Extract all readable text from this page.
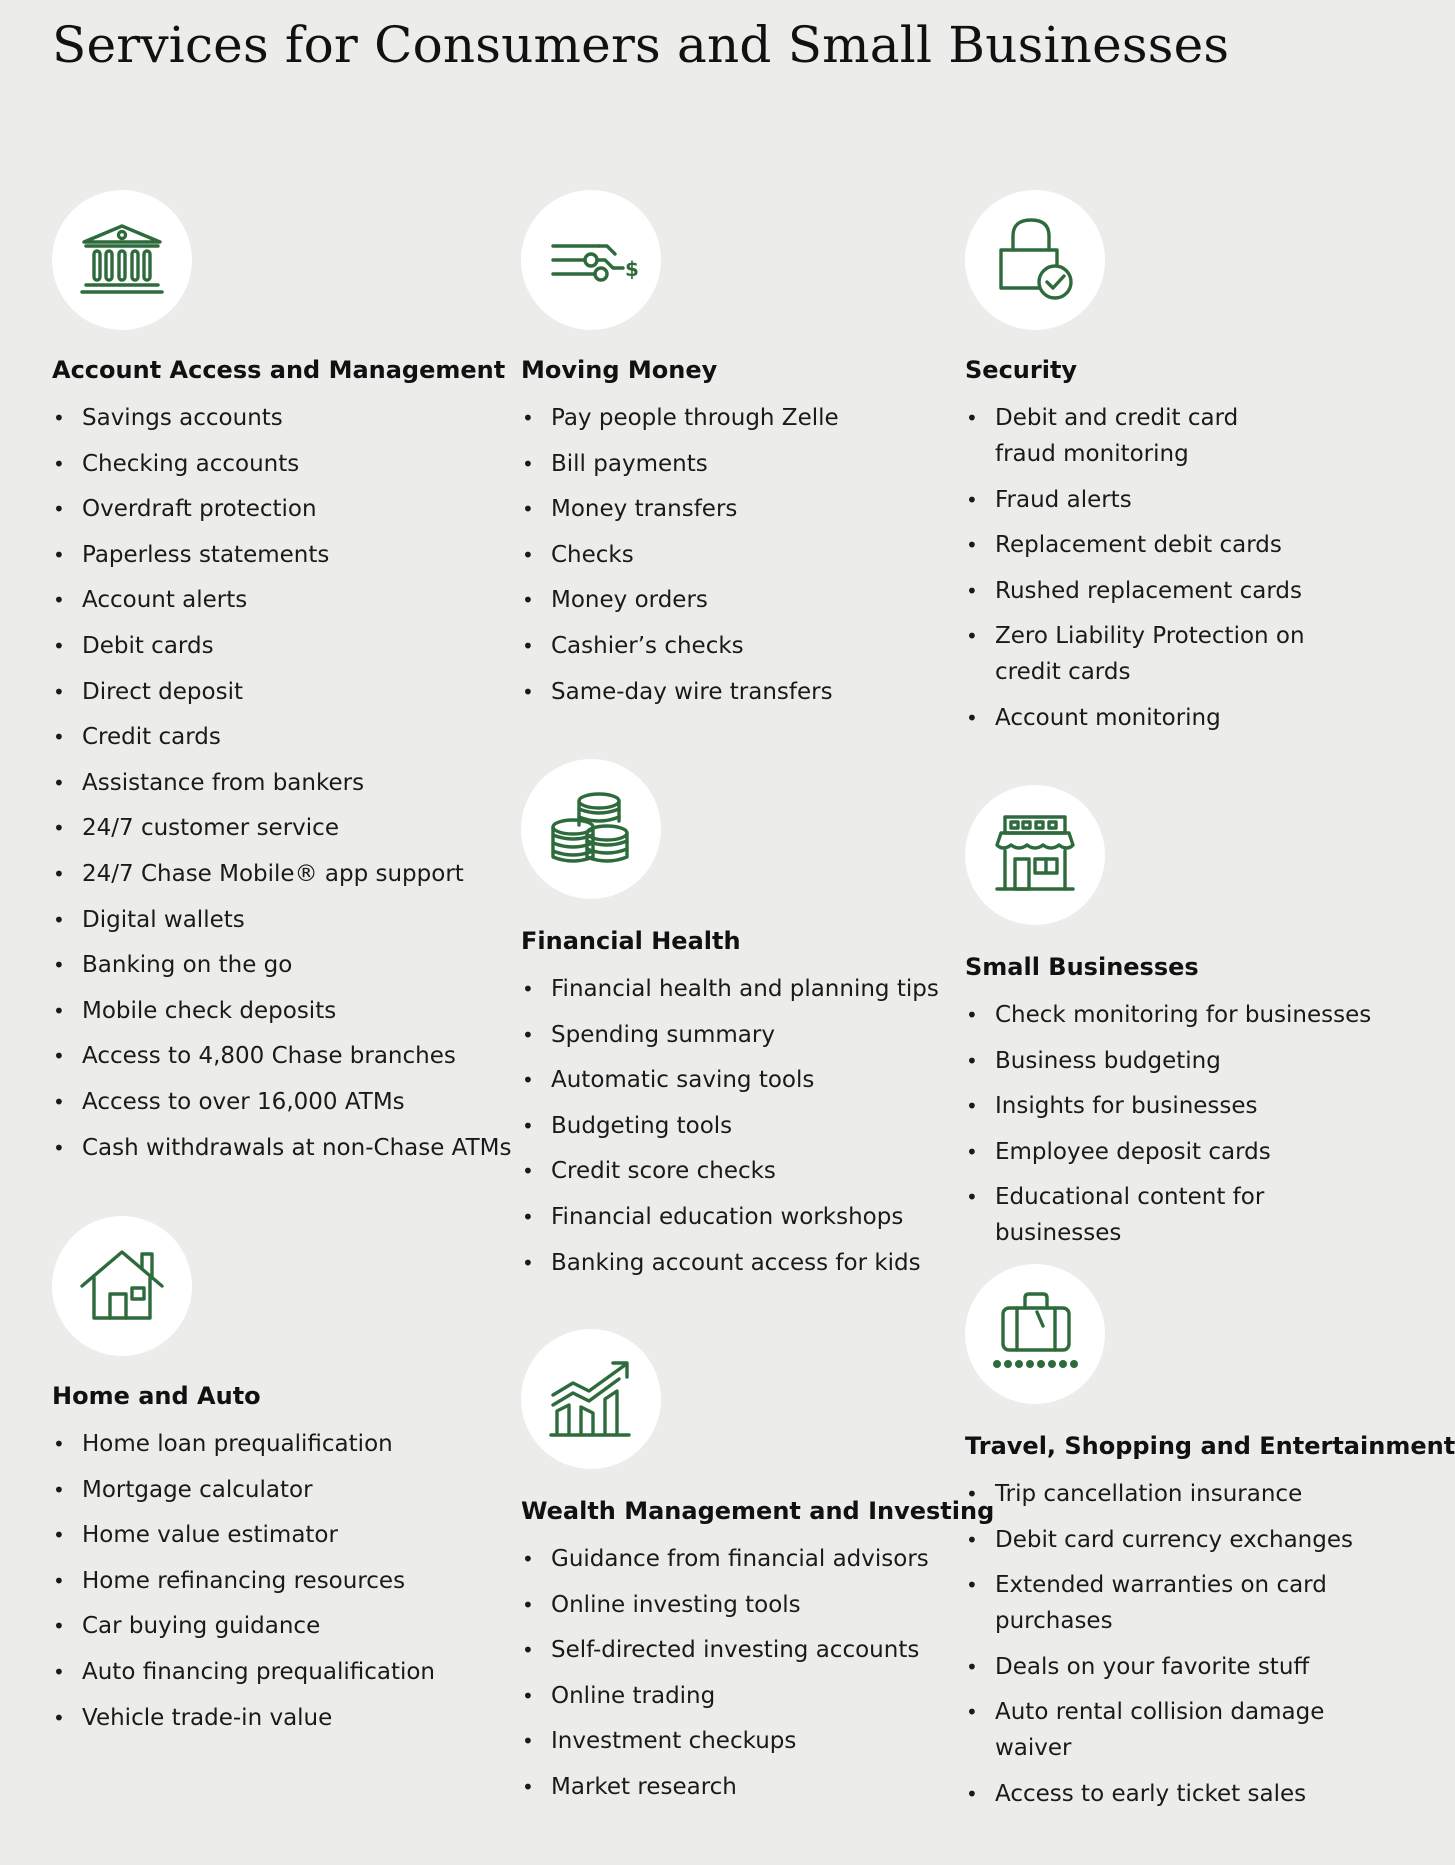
Services for Consumers and Small Businesses
Account Access and Management
• Savings accounts
• Checking accounts
• Overdraft protection
• Paperless statements
• Account alerts
• Debit cards
• Direct deposit
• Credit cards
• Assistance from bankers
• 24/7 customer service
• 24/7 Chase Mobile® app support
• Digital wallets
• Banking on the go
• Mobile check deposits
• Access to 4,800 Chase branches
• Access to over 16,000 ATMs
• Cash withdrawals at non-Chase ATMs
Home and Auto
• Home loan prequalification
• Mortgage calculator
• Home value estimator
• Home refinancing resources
• Car buying guidance
• Auto financing prequalification
• Vehicle trade-in value
$
Moving Money
• Pay people through Zelle
• Bill payments
• Money transfers
• Checks
• Money orders
• Cashier’s checks
• Same-day wire transfers
Financial Health
• Financial health and planning tips
• Spending summary
• Automatic saving tools
• Budgeting tools
• Credit score checks
• Financial education workshops
• Banking account access for kids
Wealth Management and Investing
• Guidance from financial advisors
• Online investing tools
• Self-directed investing accounts
• Online trading
• Investment checkups
• Market research
Security
• Debit and credit card fraud monitoring
• Fraud alerts
• Replacement debit cards
• Rushed replacement cards
• Zero Liability Protection on credit cards
• Account monitoring
Small Businesses
• Check monitoring for businesses
• Business budgeting
• Insights for businesses
• Employee deposit cards
• Educational content for businesses
Travel, Shopping and Entertainment
• Trip cancellation insurance
• Debit card currency exchanges
• Extended warranties on card purchases
• Deals on your favorite stuff
• Auto rental collision damage waiver
• Access to early ticket sales
